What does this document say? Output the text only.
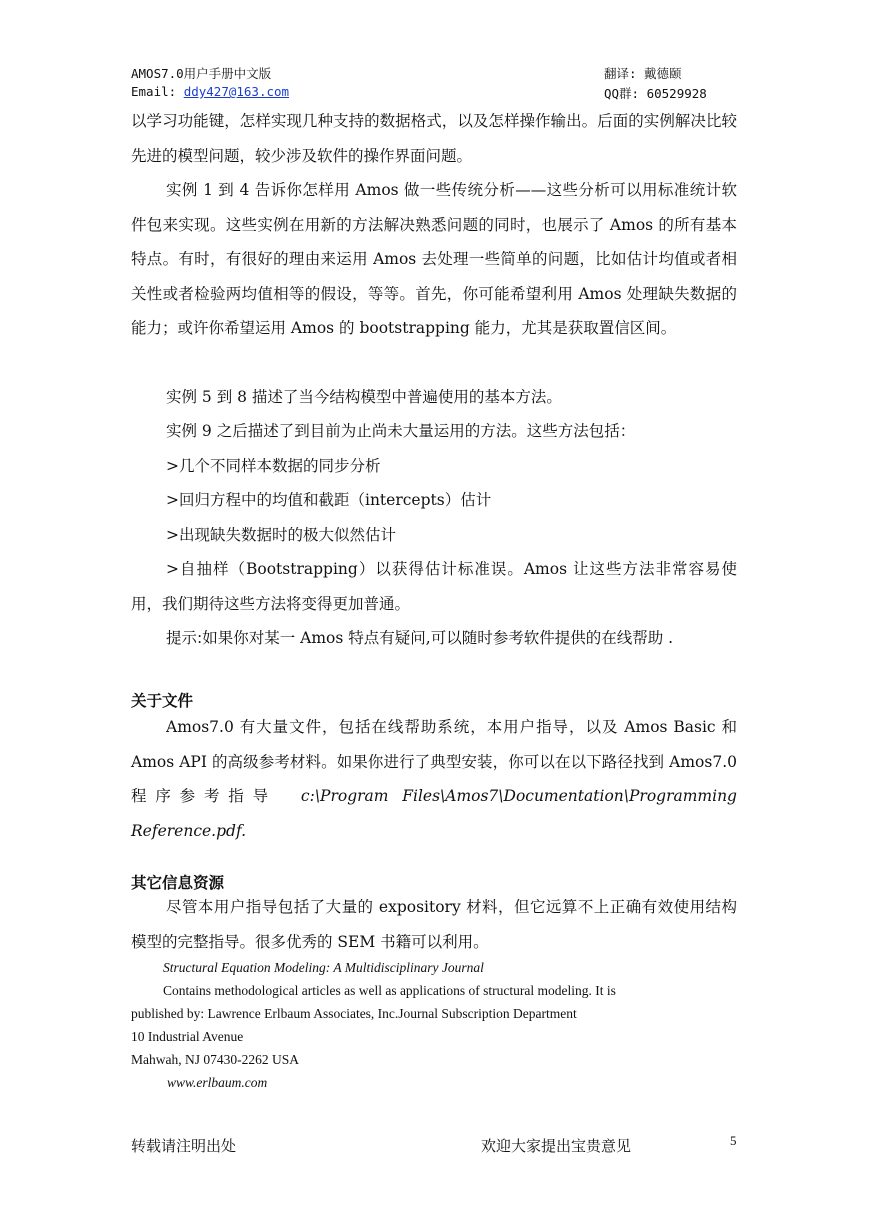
AMOS7.0用户手册中文版
Email: ddy427@163.com
翻译: 戴德颐
QQ群: 60529928

以学习功能键，怎样实现几种支持的数据格式，以及怎样操作输出。后面的实例解决比较先进的模型问题，较少涉及软件的操作界面问题。

实例 1 到 4 告诉你怎样用 Amos 做一些传统分析——这些分析可以用标准统计软件包来实现。这些实例在用新的方法解决熟悉问题的同时，也展示了 Amos 的所有基本特点。有时，有很好的理由来运用 Amos 去处理一些简单的问题，比如估计均值或者相关性或者检验两均值相等的假设，等等。首先，你可能希望利用 Amos 处理缺失数据的能力；或许你希望运用 Amos 的 bootstrapping 能力，尤其是获取置信区间。

实例 5 到 8 描述了当今结构模型中普遍使用的基本方法。

实例 9 之后描述了到目前为止尚未大量运用的方法。这些方法包括：

>几个不同样本数据的同步分析

>回归方程中的均值和截距（intercepts）估计

>出现缺失数据时的极大似然估计

>自抽样（Bootstrapping）以获得估计标准误。Amos 让这些方法非常容易使用，我们期待这些方法将变得更加普通。

提示:如果你对某一 Amos 特点有疑问,可以随时参考软件提供的在线帮助 .

关于文件

Amos7.0 有大量文件，包括在线帮助系统，本用户指导，以及 Amos Basic 和 Amos API 的高级参考材料。如果你进行了典型安装，你可以在以下路径找到 Amos7.0 程序参考指导 c:\Program Files\Amos7\Documentation\Programming Reference.pdf.

其它信息资源

尽管本用户指导包括了大量的 expository 材料，但它远算不上正确有效使用结构模型的完整指导。很多优秀的 SEM 书籍可以利用。

Structural Equation Modeling: A Multidisciplinary Journal
Contains methodological articles as well as applications of structural modeling. It is
published by: Lawrence Erlbaum Associates, Inc.Journal Subscription Department
10 Industrial Avenue
Mahwah, NJ 07430-2262 USA
www.erlbaum.com
转载请注明出处	欢迎大家提出宝贵意见	5
